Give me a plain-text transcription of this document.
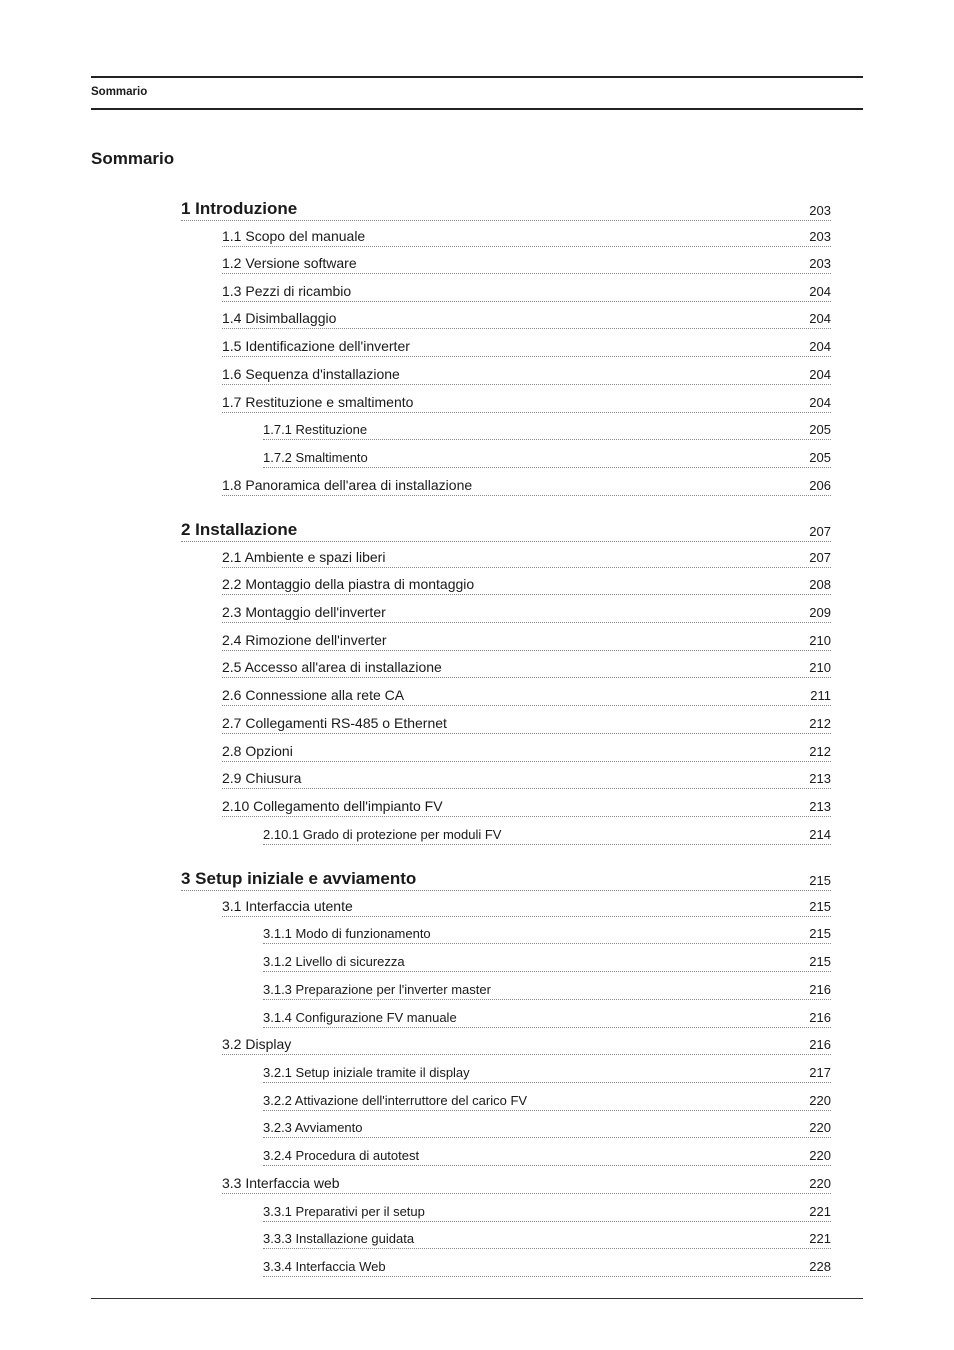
Sommario
Sommario
1 Introduzione	203
1.1 Scopo del manuale	203
1.2 Versione software	203
1.3 Pezzi di ricambio	204
1.4 Disimballaggio	204
1.5 Identificazione dell'inverter	204
1.6 Sequenza d'installazione	204
1.7 Restituzione e smaltimento	204
1.7.1 Restituzione	205
1.7.2 Smaltimento	205
1.8 Panoramica dell'area di installazione	206
2 Installazione	207
2.1 Ambiente e spazi liberi	207
2.2 Montaggio della piastra di montaggio	208
2.3 Montaggio dell'inverter	209
2.4 Rimozione dell'inverter	210
2.5 Accesso all'area di installazione	210
2.6 Connessione alla rete CA	211
2.7 Collegamenti RS-485 o Ethernet	212
2.8 Opzioni	212
2.9 Chiusura	213
2.10 Collegamento dell'impianto FV	213
2.10.1 Grado di protezione per moduli FV	214
3 Setup iniziale e avviamento	215
3.1 Interfaccia utente	215
3.1.1 Modo di funzionamento	215
3.1.2 Livello di sicurezza	215
3.1.3 Preparazione per l'inverter master	216
3.1.4 Configurazione FV manuale	216
3.2 Display	216
3.2.1 Setup iniziale tramite il display	217
3.2.2 Attivazione dell'interruttore del carico FV	220
3.2.3 Avviamento	220
3.2.4 Procedura di autotest	220
3.3 Interfaccia web	220
3.3.1 Preparativi per il setup	221
3.3.3 Installazione guidata	221
3.3.4 Interfaccia Web	228
